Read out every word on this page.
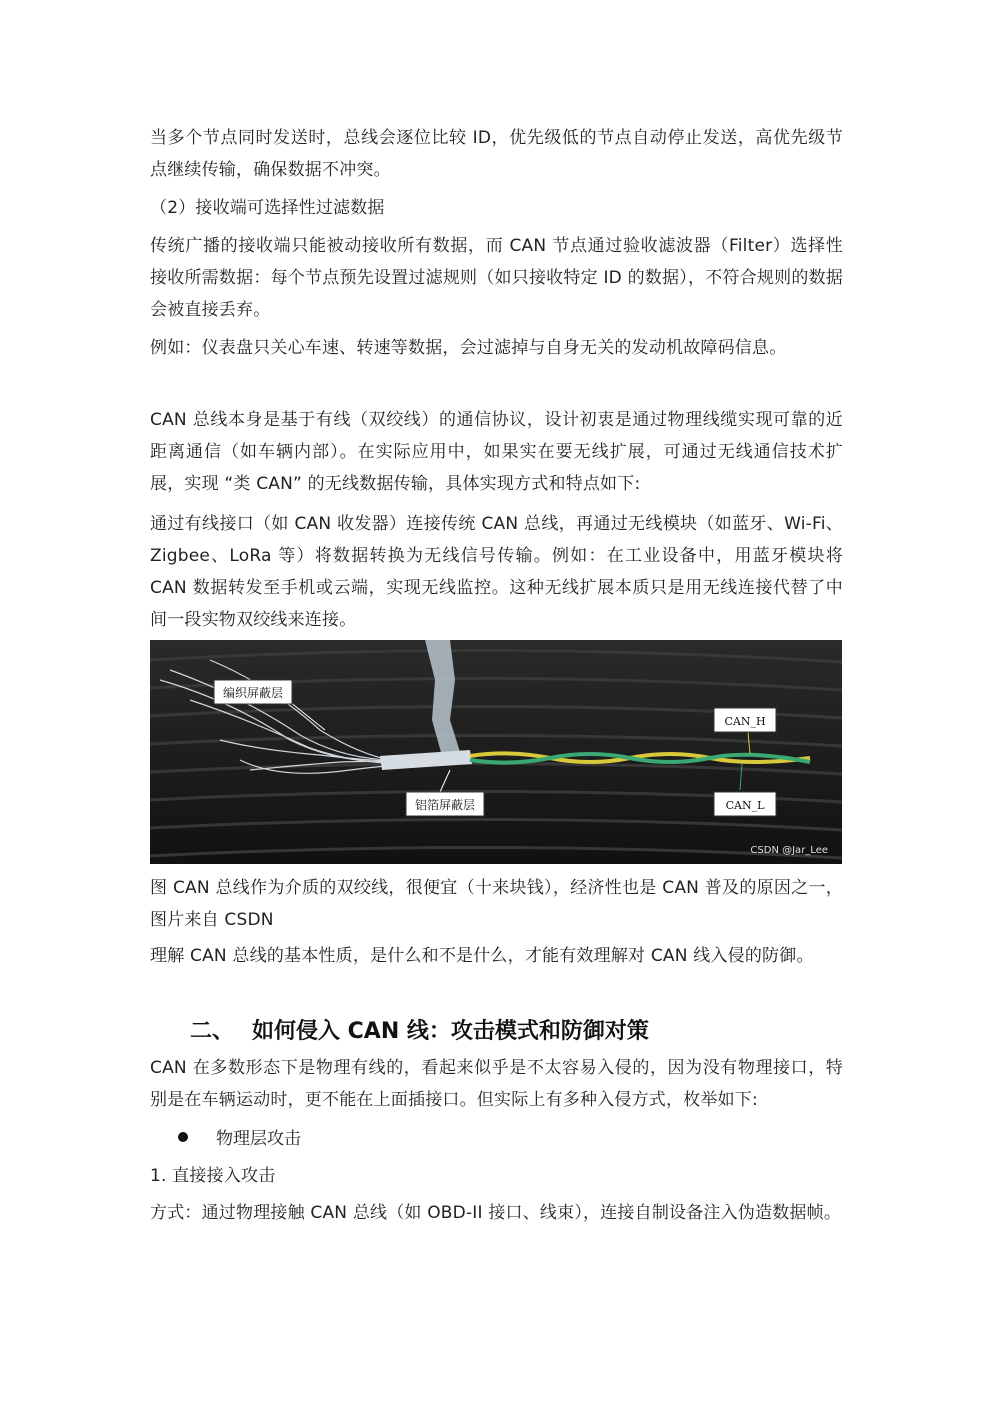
当多个节点同时发送时，总线会逐位比较 ID，优先级低的节点自动停止发送，高优先级节点继续传输，确保数据不冲突。

（2）接收端可选择性过滤数据

传统广播的接收端只能被动接收所有数据，而 CAN 节点通过验收滤波器（Filter）选择性接收所需数据：每个节点预先设置过滤规则（如只接收特定 ID 的数据），不符合规则的数据会被直接丢弃。

例如：仪表盘只关心车速、转速等数据，会过滤掉与自身无关的发动机故障码信息。

CAN 总线本身是基于有线（双绞线）的通信协议，设计初衷是通过物理线缆实现可靠的近距离通信（如车辆内部）。在实际应用中，如果实在要无线扩展，可通过无线通信技术扩展，实现 “类 CAN” 的无线数据传输，具体实现方式和特点如下:

通过有线接口（如 CAN 收发器）连接传统 CAN 总线，再通过无线模块（如蓝牙、Wi-Fi、Zigbee、LoRa 等）将数据转换为无线信号传输。例如：在工业设备中，用蓝牙模块将 CAN 数据转发至手机或云端，实现无线监控。这种无线扩展本质只是用无线连接代替了中间一段实物双绞线来连接。

编织屏蔽层
铝箔屏蔽层
CAN_H
CAN_L
CSDN @Jar_Lee

图 CAN 总线作为介质的双绞线，很便宜（十来块钱），经济性也是 CAN 普及的原因之一，图片来自 CSDN

理解 CAN 总线的基本性质，是什么和不是什么，才能有效理解对 CAN 线入侵的防御。

二、 如何侵入 CAN 线：攻击模式和防御对策

CAN 在多数形态下是物理有线的，看起来似乎是不太容易入侵的，因为没有物理接口，特别是在车辆运动时，更不能在上面插接口。但实际上有多种入侵方式，枚举如下:

物理层攻击

1. 直接接入攻击

方式：通过物理接触 CAN 总线（如 OBD-II 接口、线束），连接自制设备注入伪造数据帧。
